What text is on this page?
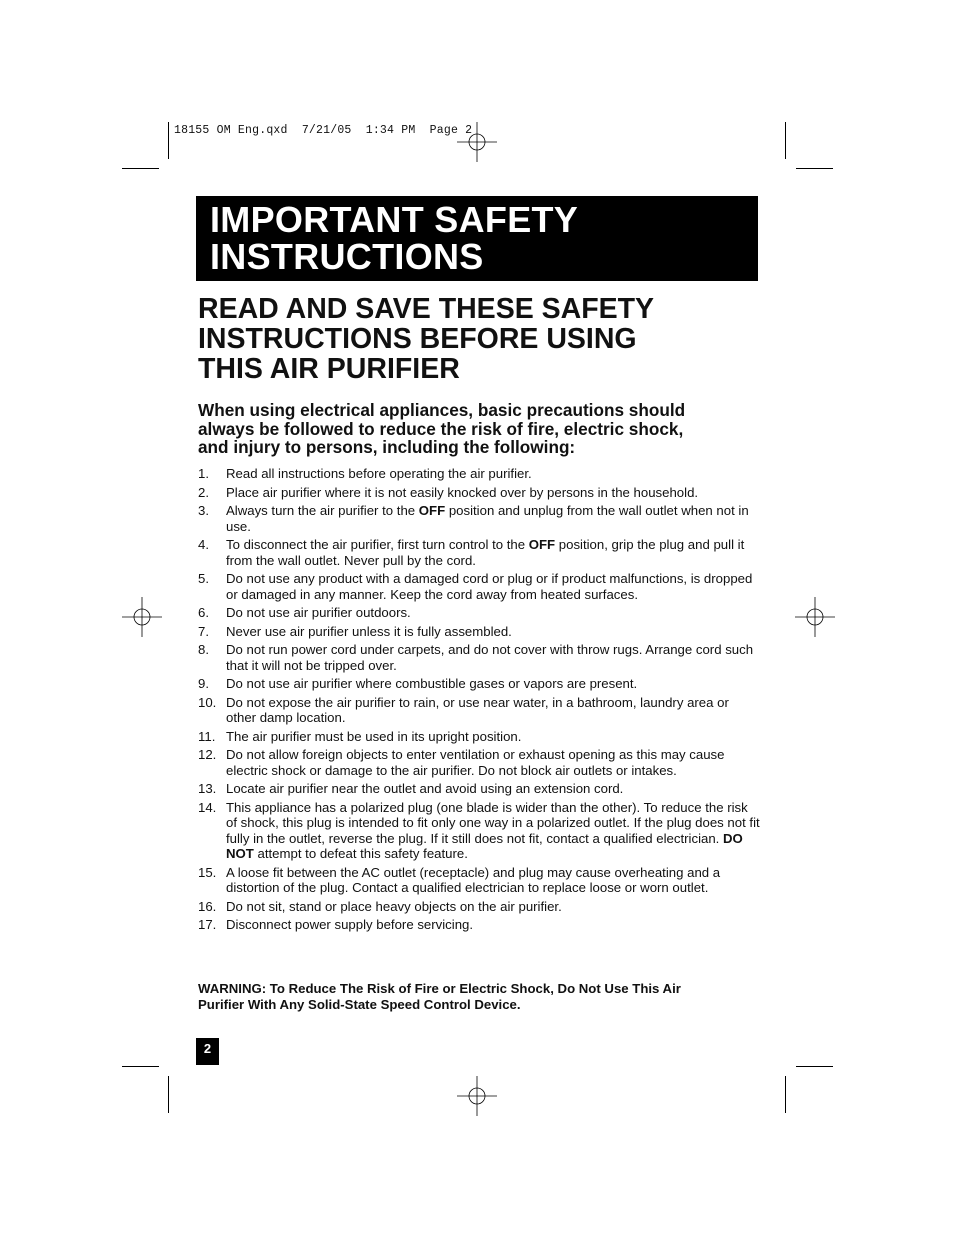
18155 OM Eng.qxd  7/21/05  1:34 PM  Page 2
IMPORTANT SAFETY
INSTRUCTIONS
READ AND SAVE THESE SAFETY
INSTRUCTIONS BEFORE USING
THIS AIR PURIFIER

When using electrical appliances, basic precautions should
always be followed to reduce the risk of fire, electric shock,
and injury to persons, including the following:

1. Read all instructions before operating the air purifier.
2. Place air purifier where it is not easily knocked over by persons in the household.
3. Always turn the air purifier to the OFF position and unplug from the wall outlet when not in use.
4. To disconnect the air purifier, first turn control to the OFF position, grip the plug and pull it from the wall outlet. Never pull by the cord.
5. Do not use any product with a damaged cord or plug or if product malfunctions, is dropped or damaged in any manner. Keep the cord away from heated surfaces.
6. Do not use air purifier outdoors.
7. Never use air purifier unless it is fully assembled.
8. Do not run power cord under carpets, and do not cover with throw rugs. Arrange cord such that it will not be tripped over.
9. Do not use air purifier where combustible gases or vapors are present.
10. Do not expose the air purifier to rain, or use near water, in a bathroom, laundry area or other damp location.
11. The air purifier must be used in its upright position.
12. Do not allow foreign objects to enter ventilation or exhaust opening as this may cause electric shock or damage to the air purifier. Do not block air outlets or intakes.
13. Locate air purifier near the outlet and avoid using an extension cord.
14. This appliance has a polarized plug (one blade is wider than the other). To reduce the risk of shock, this plug is intended to fit only one way in a polarized outlet. If the plug does not fit fully in the outlet, reverse the plug. If it still does not fit, contact a qualified electrician. DO NOT attempt to defeat this safety feature.
15. A loose fit between the AC outlet (receptacle) and plug may cause overheating and a distortion of the plug. Contact a qualified electrician to replace loose or worn outlet.
16. Do not sit, stand or place heavy objects on the air purifier.
17. Disconnect power supply before servicing.

WARNING: To Reduce The Risk of Fire or Electric Shock, Do Not Use This Air
Purifier With Any Solid-State Speed Control Device.

2
